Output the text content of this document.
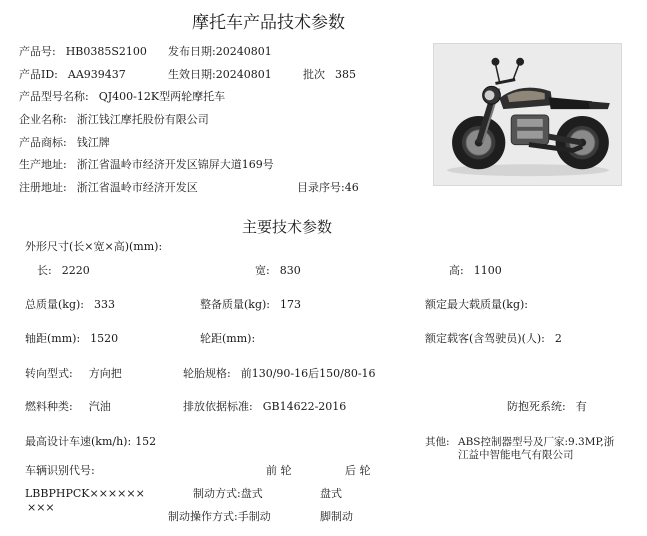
摩托车产品技术参数
产品号: HB0385S2100 发布日期:20240801
产品ID: AA939437	生效日期:20240801	批次 385
产品型号名称: QJ400-12K型两轮摩托车
企业名称: 浙江钱江摩托股份有限公司
产品商标: 钱江牌
生产地址: 浙江省温岭市经济开发区锦屏大道169号
注册地址: 浙江省温岭市经济开发区	目录序号:46
主要技术参数
外形尺寸(长×宽×高)(mm):
长: 2220	宽: 830	高: 1100
总质量(kg): 333	整备质量(kg): 173	额定最大载质量(kg):
轴距(mm): 1520	轮距(mm):	额定载客(含驾驶员)(人): 2
转向型式: 方向把	轮胎规格: 前130/90-16后150/80-16
燃料种类: 汽油	排放依据标准: GB14622-2016	防抱死系统: 有
最高设计车速(km/h): 152	其他: ABS控制器型号及厂家:9.3MP,浙
江益中智能电气有限公司
车辆识别代号:	前 轮	后 轮
LBBPHPCK××××××
×××
制动方式:盘式	盘式
制动操作方式:手制动	脚制动
